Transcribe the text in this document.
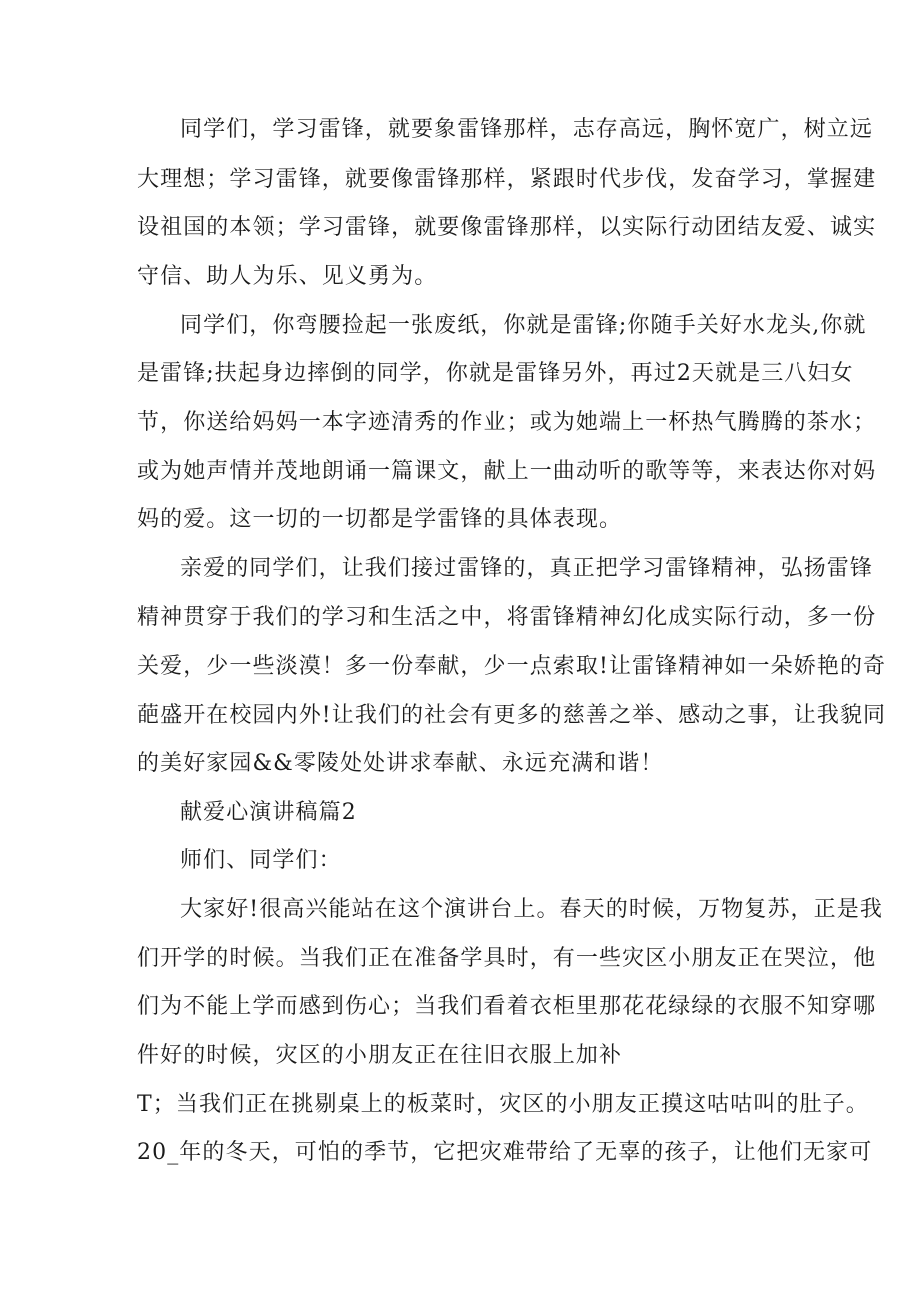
同学们，学习雷锋，就要象雷锋那样，志存高远，胸怀宽广，树立远
大理想；学习雷锋，就要像雷锋那样，紧跟时代步伐，发奋学习，掌握建
设祖国的本领；学习雷锋，就要像雷锋那样，以实际行动团结友爱、诚实
守信、助人为乐、见义勇为。
同学们，你弯腰捡起一张废纸，你就是雷锋;你随手关好水龙头,你就
是雷锋;扶起身边摔倒的同学，你就是雷锋另外，再过2天就是三八妇女
节，你送给妈妈一本字迹清秀的作业；或为她端上一杯热气腾腾的茶水；
或为她声情并茂地朗诵一篇课文，献上一曲动听的歌等等，来表达你对妈
妈的爱。这一切的一切都是学雷锋的具体表现。
亲爱的同学们，让我们接过雷锋的，真正把学习雷锋精神，弘扬雷锋
精神贯穿于我们的学习和生活之中，将雷锋精神幻化成实际行动，多一份
关爱，少一些淡漠！多一份奉献，少一点索取!让雷锋精神如一朵娇艳的奇
葩盛开在校园内外!让我们的社会有更多的慈善之举、感动之事，让我貌同
的美好家园&&零陵处处讲求奉献、永远充满和谐！
献爱心演讲稿篇2
师们、同学们：
大家好!很高兴能站在这个演讲台上。春天的时候，万物复苏，正是我
们开学的时候。当我们正在准备学具时，有一些灾区小朋友正在哭泣，他
们为不能上学而感到伤心；当我们看着衣柜里那花花绿绿的衣服不知穿哪
件好的时候，灾区的小朋友正在往旧衣服上加补
T；当我们正在挑剔桌上的板菜时，灾区的小朋友正摸这咕咕叫的肚子。
20_年的冬天，可怕的季节，它把灾难带给了无辜的孩子，让他们无家可
